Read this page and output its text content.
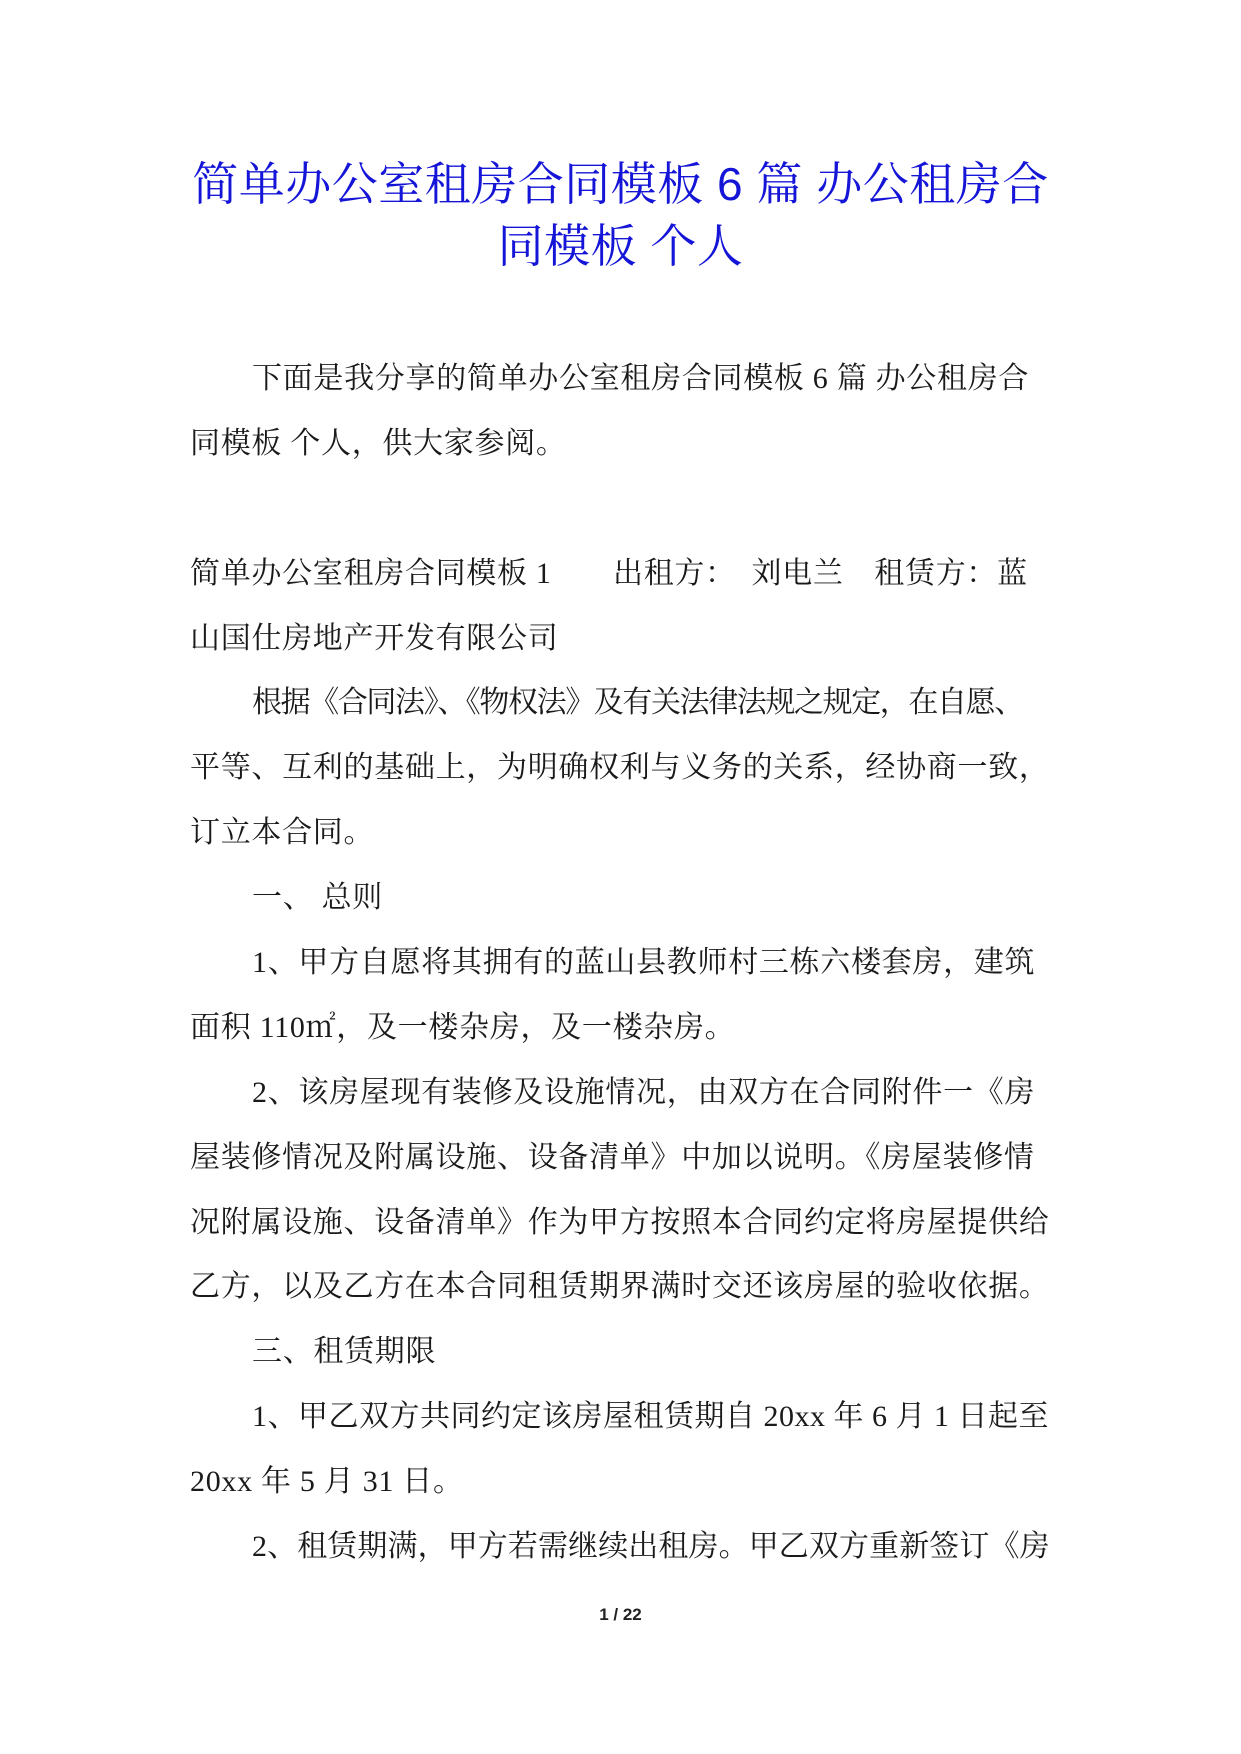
简单办公室租房合同模板 6 篇 办公租房合
同模板 个人
下面是我分享的简单办公室租房合同模板 6 篇 办公租房合
同模板 个人，供大家参阅。
简单办公室租房合同模板 1　　出租方：　刘电兰　租赁方：蓝
山国仕房地产开发有限公司
根据《合同法》、《物权法》及有关法律法规之规定，在自愿、
平等、互利的基础上，为明确权利与义务的关系，经协商一致，
订立本合同。
一、 总则
1、甲方自愿将其拥有的蓝山县教师村三栋六楼套房，建筑
面积 110㎡，及一楼杂房，及一楼杂房。
2、该房屋现有装修及设施情况，由双方在合同附件一《房
屋装修情况及附属设施、设备清单》中加以说明。《房屋装修情
况附属设施、设备清单》作为甲方按照本合同约定将房屋提供给
乙方，以及乙方在本合同租赁期界满时交还该房屋的验收依据。
三、租赁期限
1、甲乙双方共同约定该房屋租赁期自 20xx 年 6 月 1 日起至
20xx 年 5 月 31 日。
2、租赁期满，甲方若需继续出租房。甲乙双方重新签订《房
1 / 22
